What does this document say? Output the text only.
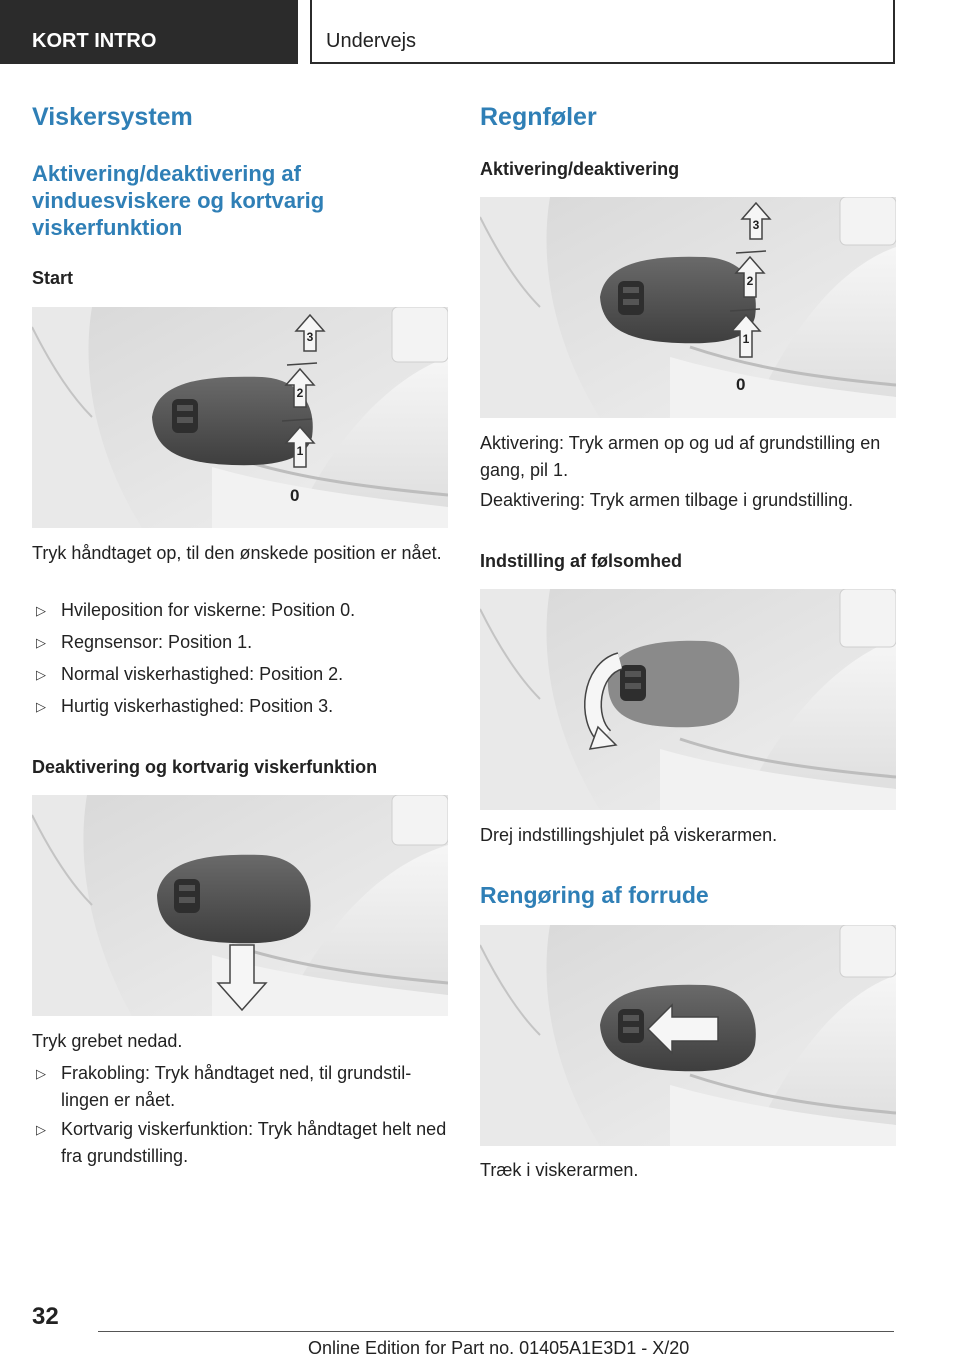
KORT INTRO	Undervejs
Viskersystem
Aktivering/deaktivering af vinduesviskere og kortvarig viskerfunktion
Start
1
2
3
0
Tryk håndtaget op, til den ønskede position er nået.
▷ Hvileposition for viskerne: Position 0.
▷ Regnsensor: Position 1.
▷ Normal viskerhastighed: Position 2.
▷ Hurtig viskerhastighed: Position 3.
Deaktivering og kortvarig viskerfunktion
Tryk grebet nedad.
▷ Frakobling: Tryk håndtaget ned, til grundstil-lingen er nået.
▷ Kortvarig viskerfunktion: Tryk håndtaget helt ned fra grundstilling.
Regnføler
Aktivering/deaktivering
1
2
3
0
Aktivering: Tryk armen op og ud af grundstilling en gang, pil 1.
Deaktivering: Tryk armen tilbage i grundstilling.
Indstilling af følsomhed
Drej indstillingshjulet på viskerarmen.
Rengøring af forrude
Træk i viskerarmen.
32
Online Edition for Part no. 01405A1E3D1 - X/20
